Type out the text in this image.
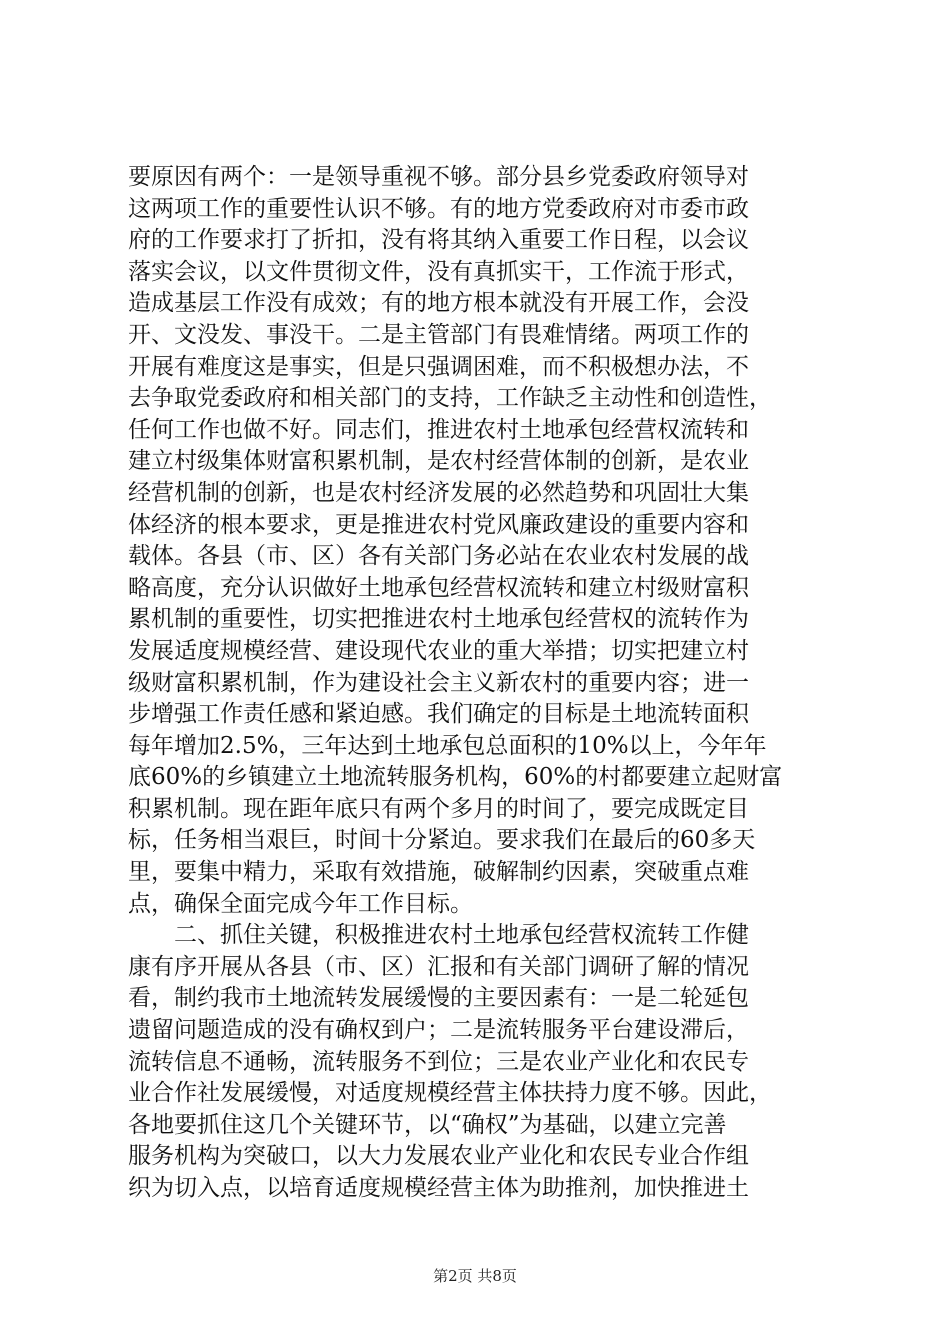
要原因有两个：一是领导重视不够。部分县乡党委政府领导对
这两项工作的重要性认识不够。有的地方党委政府对市委市政
府的工作要求打了折扣，没有将其纳入重要工作日程，以会议
落实会议，以文件贯彻文件，没有真抓实干，工作流于形式，
造成基层工作没有成效；有的地方根本就没有开展工作，会没
开、文没发、事没干。二是主管部门有畏难情绪。两项工作的
开展有难度这是事实，但是只强调困难，而不积极想办法，不
去争取党委政府和相关部门的支持，工作缺乏主动性和创造性，
任何工作也做不好。同志们，推进农村土地承包经营权流转和
建立村级集体财富积累机制，是农村经营体制的创新，是农业
经营机制的创新，也是农村经济发展的必然趋势和巩固壮大集
体经济的根本要求，更是推进农村党风廉政建设的重要内容和
载体。各县（市、区）各有关部门务必站在农业农村发展的战
略高度，充分认识做好土地承包经营权流转和建立村级财富积
累机制的重要性，切实把推进农村土地承包经营权的流转作为
发展适度规模经营、建设现代农业的重大举措；切实把建立村
级财富积累机制，作为建设社会主义新农村的重要内容；进一
步增强工作责任感和紧迫感。我们确定的目标是土地流转面积
每年增加2.5%，三年达到土地承包总面积的10%以上，今年年
底60%的乡镇建立土地流转服务机构，60%的村都要建立起财富
积累机制。现在距年底只有两个多月的时间了，要完成既定目
标，任务相当艰巨，时间十分紧迫。要求我们在最后的60多天
里，要集中精力，采取有效措施，破解制约因素，突破重点难
点，确保全面完成今年工作目标。
二、抓住关键，积极推进农村土地承包经营权流转工作健
康有序开展从各县（市、区）汇报和有关部门调研了解的情况
看，制约我市土地流转发展缓慢的主要因素有：一是二轮延包
遗留问题造成的没有确权到户；二是流转服务平台建设滞后，
流转信息不通畅，流转服务不到位；三是农业产业化和农民专
业合作社发展缓慢，对适度规模经营主体扶持力度不够。因此，
各地要抓住这几个关键环节，以“确权”为基础，以建立完善
服务机构为突破口，以大力发展农业产业化和农民专业合作组
织为切入点，以培育适度规模经营主体为助推剂，加快推进土
第2页 共8页
